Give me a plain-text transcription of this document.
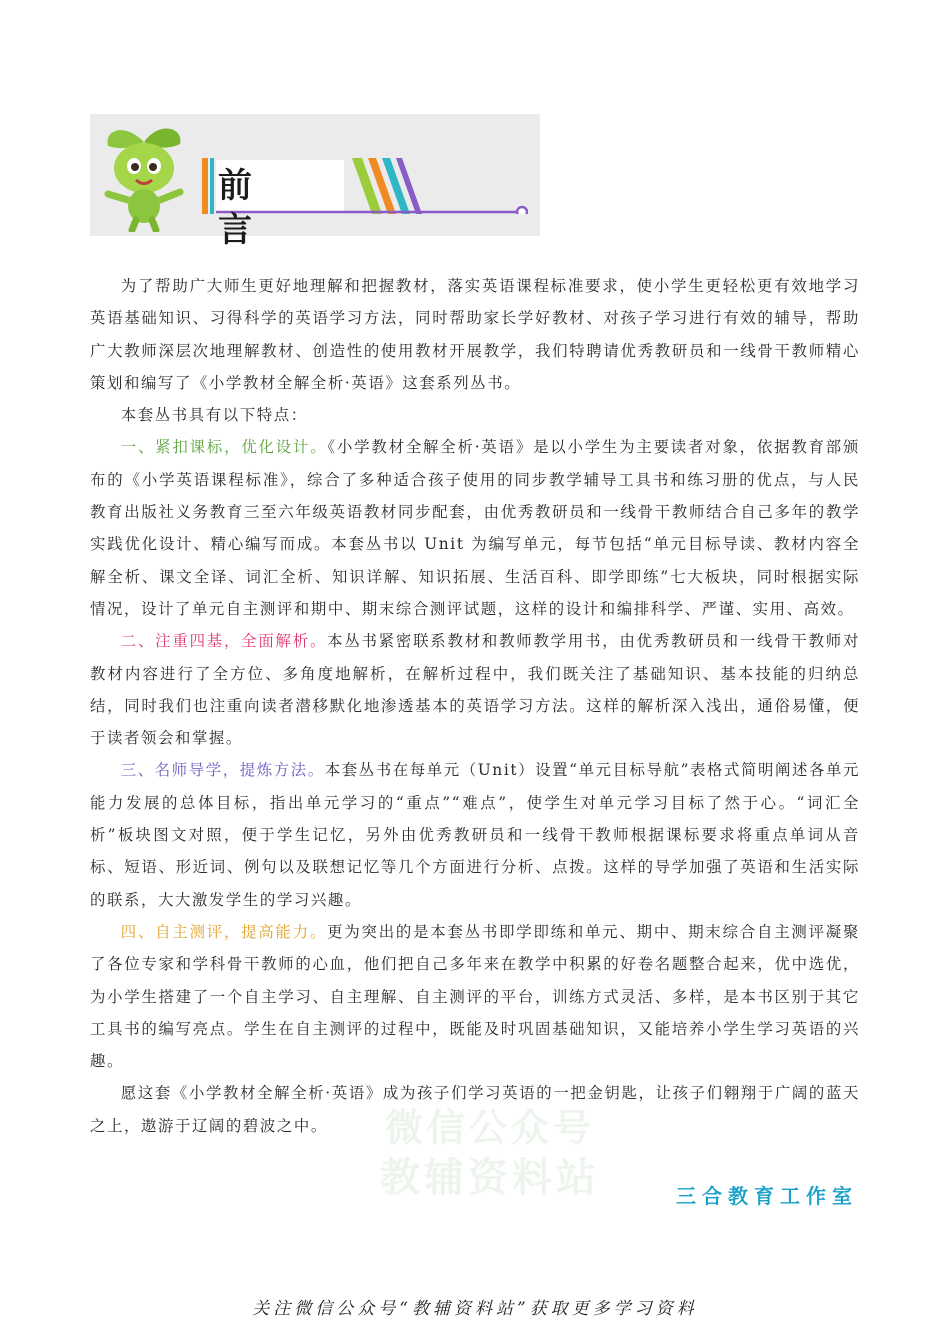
前言

为了帮助广大师生更好地理解和把握教材，落实英语课程标准要求，使小学生更轻松更有效地学习英语基础知识、习得科学的英语学习方法，同时帮助家长学好教材、对孩子学习进行有效的辅导，帮助广大教师深层次地理解教材、创造性的使用教材开展教学，我们特聘请优秀教研员和一线骨干教师精心策划和编写了《小学教材全解全析·英语》这套系列丛书。

本套丛书具有以下特点：

一、紧扣课标，优化设计。《小学教材全解全析·英语》是以小学生为主要读者对象，依据教育部颁布的《小学英语课程标准》，综合了多种适合孩子使用的同步教学辅导工具书和练习册的优点，与人民教育出版社义务教育三至六年级英语教材同步配套，由优秀教研员和一线骨干教师结合自己多年的教学实践优化设计、精心编写而成。本套丛书以 Unit 为编写单元，每节包括“单元目标导读、教材内容全解全析、课文全译、词汇全析、知识详解、知识拓展、生活百科、即学即练”七大板块，同时根据实际情况，设计了单元自主测评和期中、期末综合测评试题，这样的设计和编排科学、严谨、实用、高效。

二、注重四基，全面解析。本丛书紧密联系教材和教师教学用书，由优秀教研员和一线骨干教师对教材内容进行了全方位、多角度地解析，在解析过程中，我们既关注了基础知识、基本技能的归纳总结，同时我们也注重向读者潜移默化地渗透基本的英语学习方法。这样的解析深入浅出，通俗易懂，便于读者领会和掌握。

三、名师导学，提炼方法。本套丛书在每单元（Unit）设置“单元目标导航”表格式简明阐述各单元能力发展的总体目标，指出单元学习的“重点”“难点”，使学生对单元学习目标了然于心。“词汇全析”板块图文对照，便于学生记忆，另外由优秀教研员和一线骨干教师根据课标要求将重点单词从音标、短语、形近词、例句以及联想记忆等几个方面进行分析、点拨。这样的导学加强了英语和生活实际的联系，大大激发学生的学习兴趣。

四、自主测评，提高能力。更为突出的是本套丛书即学即练和单元、期中、期末综合自主测评凝聚了各位专家和学科骨干教师的心血，他们把自己多年来在教学中积累的好卷名题整合起来，优中选优，为小学生搭建了一个自主学习、自主理解、自主测评的平台，训练方式灵活、多样，是本书区别于其它工具书的编写亮点。学生在自主测评的过程中，既能及时巩固基础知识，又能培养小学生学习英语的兴趣。

愿这套《小学教材全解全析·英语》成为孩子们学习英语的一把金钥匙，让孩子们翱翔于广阔的蓝天之上，遨游于辽阔的碧波之中。	微信公众号
教辅资料站	三合教育工作室
关注微信公众号“教辅资料站”获取更多学习资料
